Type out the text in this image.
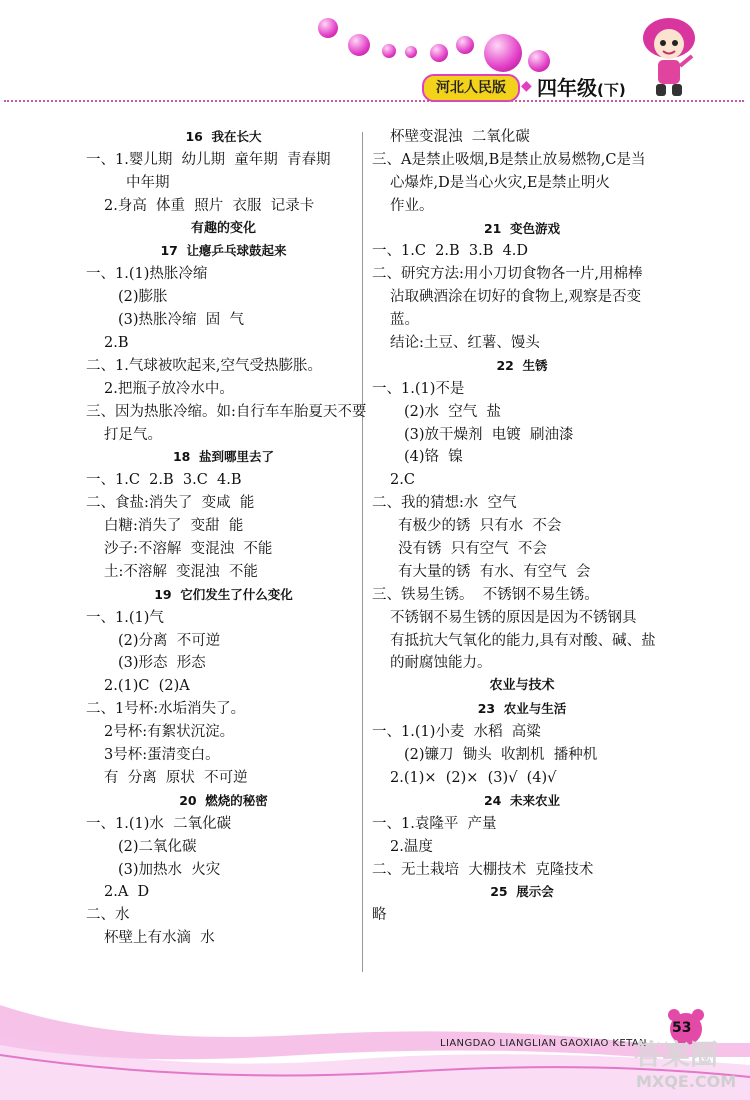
河北人民版	◆ 四年级(下)
16  我在长大
一、1.婴儿期  幼儿期  童年期  青春期
中年期
2.身高  体重  照片  衣服  记录卡
有趣的变化
17  让瘪乒乓球鼓起来
一、1.(1)热胀冷缩
(2)膨胀
(3)热胀冷缩  固  气
2.B
二、1.气球被吹起来,空气受热膨胀。
2.把瓶子放冷水中。
三、因为热胀冷缩。如:自行车车胎夏天不要
打足气。
18  盐到哪里去了
一、1.C  2.B  3.C  4.B
二、食盐:消失了  变咸  能
白糖:消失了  变甜  能
沙子:不溶解  变混浊  不能
土:不溶解  变混浊  不能
19  它们发生了什么变化
一、1.(1)气
(2)分离  不可逆
(3)形态  形态
2.(1)C  (2)A
二、1号杯:水垢消失了。
2号杯:有絮状沉淀。
3号杯:蛋清变白。
有  分离  原状  不可逆
20  燃烧的秘密
一、1.(1)水  二氧化碳
(2)二氧化碳
(3)加热水  火灾
2.A  D
二、水
杯壁上有水滴  水
杯壁变混浊  二氧化碳
三、A是禁止吸烟,B是禁止放易燃物,C是当
心爆炸,D是当心火灾,E是禁止明火
作业。
21  变色游戏
一、1.C  2.B  3.B  4.D
二、研究方法:用小刀切食物各一片,用棉棒
沾取碘酒涂在切好的食物上,观察是否变
蓝。
结论:土豆、红薯、馒头
22  生锈
一、1.(1)不是
(2)水  空气  盐
(3)放干燥剂  电镀  刷油漆
(4)铬  镍
2.C
二、我的猜想:水  空气
有极少的锈  只有水  不会
没有锈  只有空气  不会
有大量的锈  有水、有空气  会
三、铁易生锈。  不锈钢不易生锈。
不锈钢不易生锈的原因是因为不锈钢具
有抵抗大气氧化的能力,具有对酸、碱、盐
的耐腐蚀能力。
农业与技术
23  农业与生活
一、1.(1)小麦  水稻  高粱
(2)镰刀  锄头  收割机  播种机
2.(1)×  (2)×  (3)√  (4)√
24  未来农业
一、1.袁隆平  产量
2.温度
二、无土栽培  大棚技术  克隆技术
25  展示会
略
LIANGDAO LIANGLIAN GAOXIAO KETAN
53
答案圈
MXQE.COM
